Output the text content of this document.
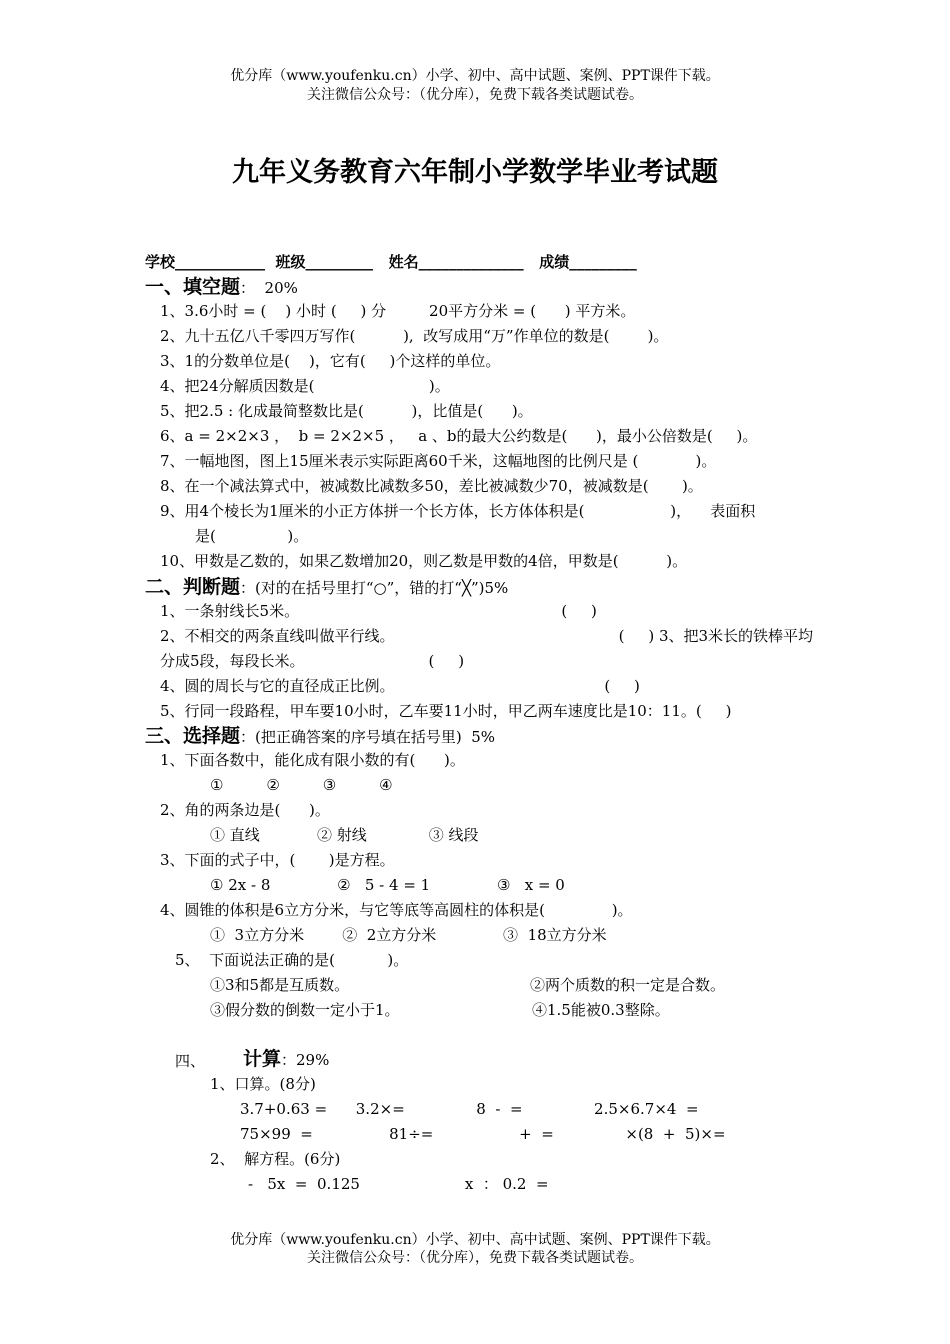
优分库（www.youfenku.cn）小学、初中、高中试题、案例、PPT课件下载。
关注微信公众号：（优分库），免费下载各类试题试卷。
九年义务教育六年制小学数学毕业考试题
学校____________  班级_________   姓名______________   成绩_________
一、填空题：  20%
1、3.6小时 = (    ) 小时 (     ) 分         20平方分米 = (      ) 平方米。
2、九十五亿八千零四万写作(          ),  改写成用“万”作单位的数是(        )。
3、1的分数单位是(    )，它有(     )个这样的单位。
4、把24分解质因数是(                        )。
5、把2.5 : 化成最简整数比是(          )，比值是(      )。
6、a = 2×2×3 ，  b = 2×2×5 ，   a 、b的最大公约数是(      )，最小公倍数是(     )。
7、一幅地图，图上15厘米表示实际距离60千米，这幅地图的比例尺是 (            )。
8、在一个减法算式中，被减数比减数多50，差比被减数少70，被减数是(       )。
9、用4个棱长为1厘米的小正方体拼一个长方体，长方体体积是(                  )，    表面积
是(               )。
10、甲数是乙数的，如果乙数增加20，则乙数是甲数的4倍，甲数是(          )。
二、判断题：(对的在括号里打“○”，错的打“╳”)5%
1、一条射线长5米。                                                       (     )
2、不相交的两条直线叫做平行线。                                               (     ) 3、把3米长的铁棒平均
分成5段，每段长米。                          (     )
4、圆的周长与它的直径成正比例。                                            (     )
5、行同一段路程，甲车要10小时，乙车要11小时，甲乙两车速度比是10：11。(     )
三、选择题：(把正确答案的序号填在括号里)  5%
1、下面各数中，能化成有限小数的有(      )。
①         ②         ③         ④
2、角的两条边是(      )。
① 直线            ② 射线             ③ 线段
3、下面的式子中，(       )是方程。
① 2x - 8              ②   5 - 4 = 1              ③   x = 0
4、圆锥的体积是6立方分米，与它等底等高圆柱的体积是(              )。
①  3立方分米        ②  2立方分米              ③  18立方分米
5、  下面说法正确的是(           )。
①3和5都是互质数。	②两个质数的积一定是合数。
③假分数的倒数一定小于1。	④1.5能被0.3整除。
四、 计算：29%
1、口算。(8分)
3.7+0.63 =      3.2×=               8  -  =               2.5×6.7×4  =
75×99  =                81÷=                  +  =               ×(8  +  5)×=
2、  解方程。(6分)
-   5x  =  0.125                      x  ： 0.2  =
优分库（www.youfenku.cn）小学、初中、高中试题、案例、PPT课件下载。
关注微信公众号：（优分库），免费下载各类试题试卷。
